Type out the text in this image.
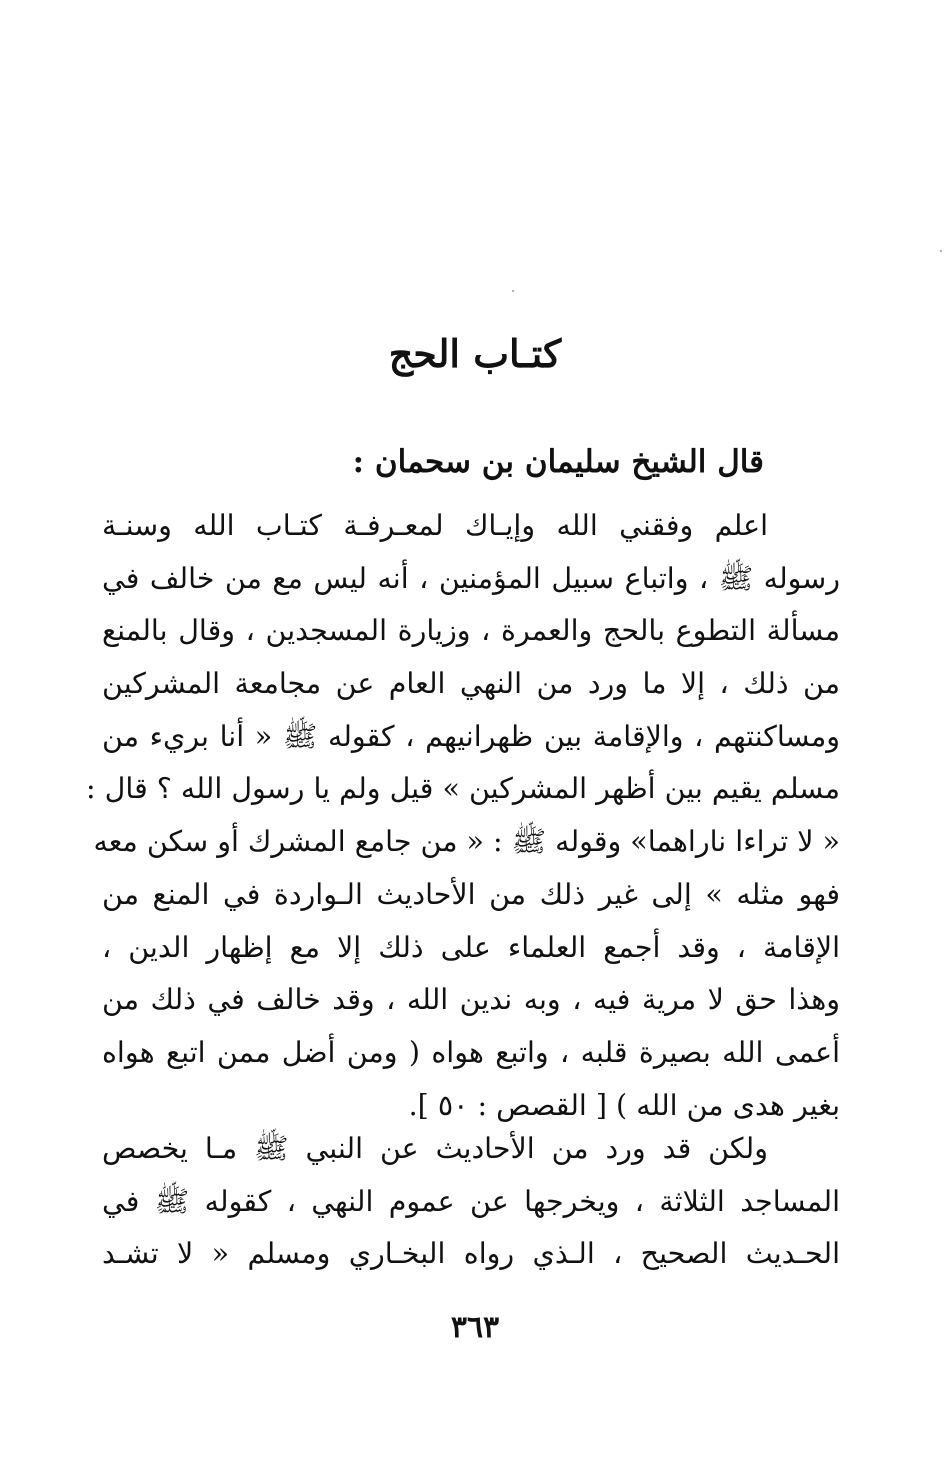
كتـاب الحج
قال الشيخ سليمان بن سحمان :
اعلم وفقني الله وإيـاك لمعـرفـة كتـاب الله وسنـة
رسوله ﷺ ، واتباع سبيل المؤمنين ، أنه ليس مع من خالف في
مسألة التطوع بالحج والعمرة ، وزيارة المسجدين ، وقال بالمنع
من ذلك ، إلا ما ورد من النهي العام عن مجامعة المشركين
ومساكنتهم ، والإقامة بين ظهرانيهم ، كقوله ﷺ « أنا بريء من
مسلم يقيم بين أظهر المشركين » قيل ولم يا رسول الله ؟ قال :
« لا تراءا ناراهما» وقوله ﷺ : « من جامع المشرك أو سكن معه
فهو مثله » إلى غير ذلك من الأحاديث الـواردة في المنع من
الإقامة ، وقد أجمع العلماء على ذلك إلا مع إظهار الدين ،
وهذا حق لا مرية فيه ، وبه ندين الله ، وقد خالف في ذلك من
أعمى الله بصيرة قلبه ، واتبع هواه ( ومن أضل ممن اتبع هواه
بغير هدى من الله ) [ القصص : ٥٠ ].
ولكن قد ورد من الأحاديث عن النبي ﷺ مـا يخصص
المساجد الثلاثة ، ويخرجها عن عموم النهي ، كقوله ﷺ في
الحـديث الصحيح ، الـذي رواه البخـاري ومسلم « لا تشـد
٣٦٣
